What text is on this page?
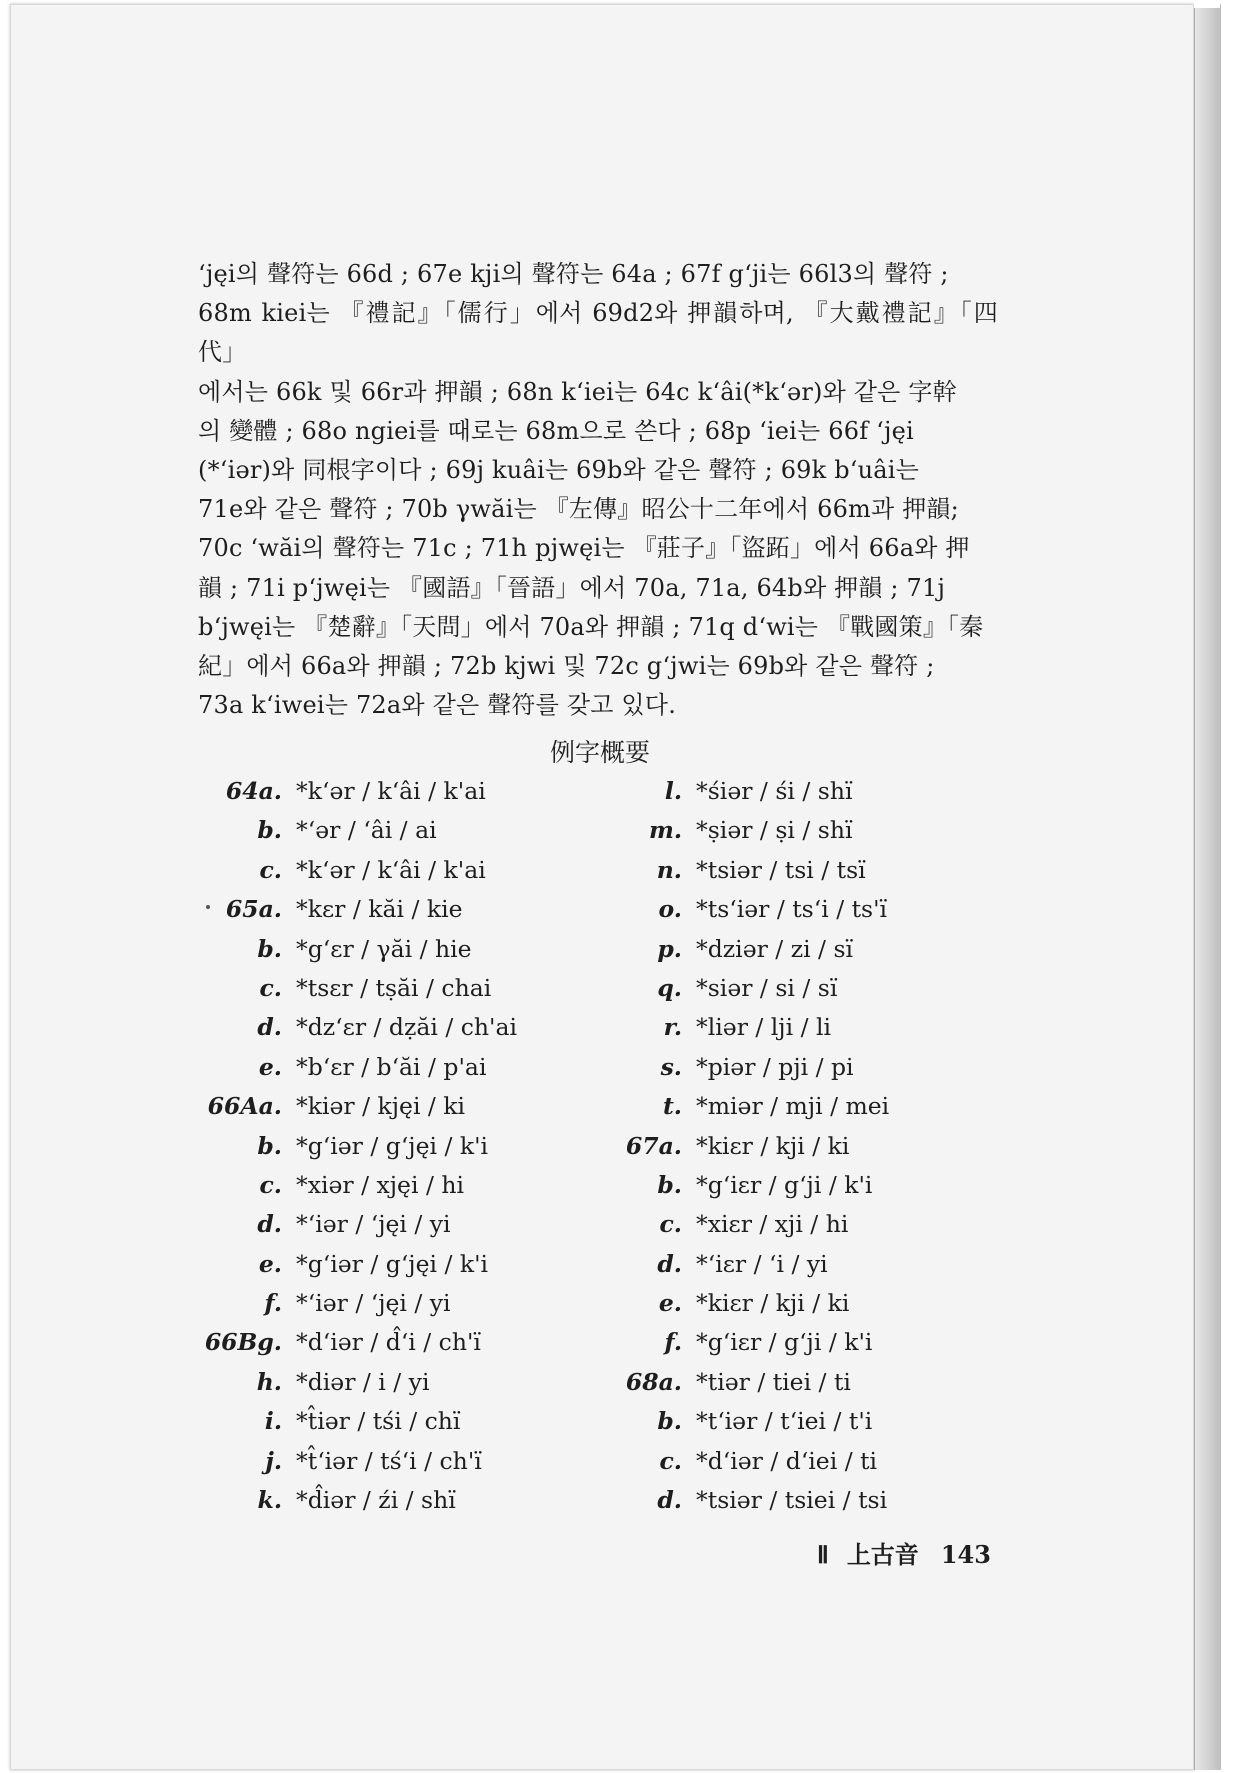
ʻjęi의 聲符는 66d ; 67e kji의 聲符는 64a ; 67f gʻji는 66l3의 聲符 ;
68m kiei는 『禮記』「儒行」에서 69d2와 押韻하며, 『大戴禮記』「四代」
에서는 66k 및 66r과 押韻 ; 68n kʻiei는 64c kʻâi(*kʻər)와 같은 字幹
의 變體 ; 68o ngiei를 때로는 68m으로 쓴다 ; 68p ʻiei는 66f ʻjęi
(*ʻiər)와 同根字이다 ; 69j kuâi는 69b와 같은 聲符 ; 69k bʻuâi는
71e와 같은 聲符 ; 70b γwăi는 『左傳』昭公十二年에서 66m과 押韻;
70c ʻwăi의 聲符는 71c ; 71h pjwęi는 『莊子』「盜跖」에서 66a와 押
韻 ; 71i pʻjwęi는 『國語』「晉語」에서 70a, 71a, 64b와 押韻 ; 71j
bʻjwęi는 『楚辭』「天問」에서 70a와 押韻 ; 71q dʻwi는 『戰國策』「秦
紀」에서 66a와 押韻 ; 72b kjwi 및 72c gʻjwi는 69b와 같은 聲符 ;
73a kʻiwei는 72a와 같은 聲符를 갖고 있다.

例字概要
64a. *kʻər / kʻâi / k'ai
b. *ʻər / ʻâi / ai
c. *kʻər / kʻâi / k'ai
65a. *kɛr / kăi / kie
b. *gʻɛr / γăi / hie
c. *tsɛr / tṣăi / chai
d. *dzʻɛr / dẓăi / ch'ai
e. *bʻɛr / bʻăi / p'ai
66Aa. *kiər / kjęi / ki
b. *gʻiər / gʻjęi / k'i
c. *xiər / xjęi / hi
d. *ʻiər / ʻjęi / yi
e. *gʻiər / gʻjęi / k'i
f. *ʻiər / ʻjęi / yi
66Bg. *dʻiər / d̂ʻi / ch'ï
h. *diər / i / yi
i. *t̂iər / tśi / chï
j. *t̂ʻiər / tśʻi / ch'ï
k. *d̂iər / źi / shï
l. *śiər / śi / shï
m. *ṣiər / ṣi / shï
n. *tsiər / tsi / tsï
o. *tsʻiər / tsʻi / ts'ï
p. *dziər / zi / sï
q. *siər / si / sï
r. *liər / lji / li
s. *piər / pji / pi
t. *miər / mji / mei
67a. *kiɛr / kji / ki
b. *gʻiɛr / gʻji / k'i
c. *xiɛr / xji / hi
d. *ʻiɛr / ʻi / yi
e. *kiɛr / kji / ki
f. *gʻiɛr / gʻji / k'i
68a. *tiər / tiei / ti
b. *tʻiər / tʻiei / t'i
c. *dʻiər / dʻiei / ti
d. *tsiər / tsiei / tsi
Ⅱ 上古音 143
